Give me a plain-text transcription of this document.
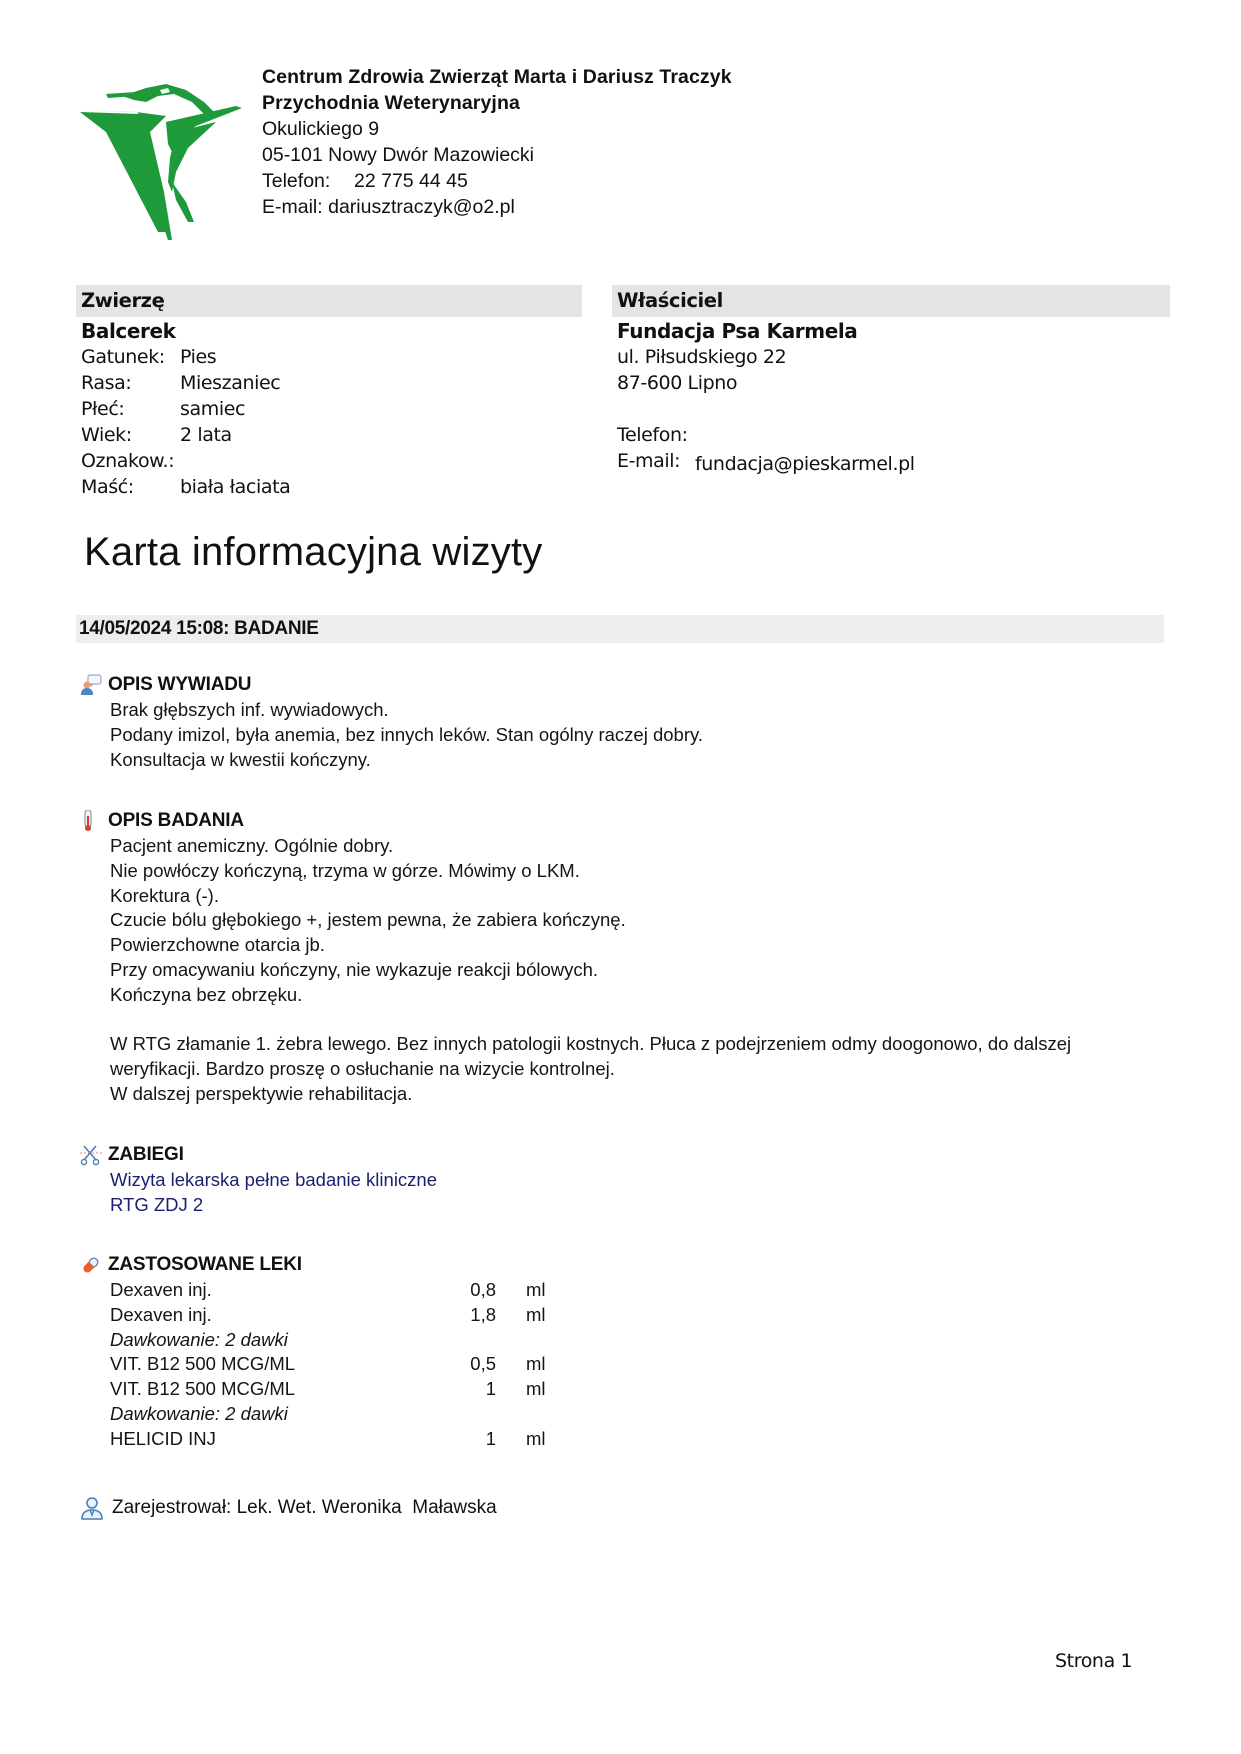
Centrum Zdrowia Zwierząt Marta i Dariusz Traczyk
Przychodnia Weterynaryjna
Okulickiego 9
05-101 Nowy Dwór Mazowiecki
Telefon: 22 775 44 45
E-mail: dariusztraczyk@o2.pl
Zwierzę
Balcerek
Gatunek: Pies
Rasa:	Mieszaniec
Płeć:	samiec
Wiek:	2 lata
Oznakow.:
Maść:	biała łaciata
Właściciel
Fundacja Psa Karmela
ul. Piłsudskiego 22
87-600 Lipno
Telefon:
E-mail: fundacja@pieskarmel.pl
Karta informacyjna wizyty
14/05/2024 15:08: BADANIE
OPIS WYWIADU

Brak głębszych inf. wywiadowych.

Podany imizol, była anemia, bez innych leków. Stan ogólny raczej dobry.

Konsultacja w kwestii kończyny.

OPIS BADANIA

Pacjent anemiczny. Ogólnie dobry.

Nie powłóczy kończyną, trzyma w górze. Mówimy o LKM.

Korektura (-).

Czucie bólu głębokiego +, jestem pewna, że zabiera kończynę.

Powierzchowne otarcia jb.

Przy omacywaniu kończyny, nie wykazuje reakcji bólowych.

Kończyna bez obrzęku.

W RTG złamanie 1. żebra lewego. Bez innych patologii kostnych. Płuca z podejrzeniem odmy doogonowo, do dalszej

weryfikacji. Bardzo proszę o osłuchanie na wizycie kontrolnej.

W dalszej perspektywie rehabilitacja.

ZABIEGI

Wizyta lekarska pełne badanie kliniczne

RTG ZDJ 2

ZASTOSOWANE LEKI
Dexaven inj.	0,8	ml
Dexaven inj.	1,8	ml
Dawkowanie: 2 dawki
VIT. B12 500 MCG/ML	0,5	ml
VIT. B12 500 MCG/ML	1	ml
Dawkowanie: 2 dawki
HELICID INJ	1	ml
Zarejestrował: Lek. Wet. Weronika  Maławska
Strona 1
